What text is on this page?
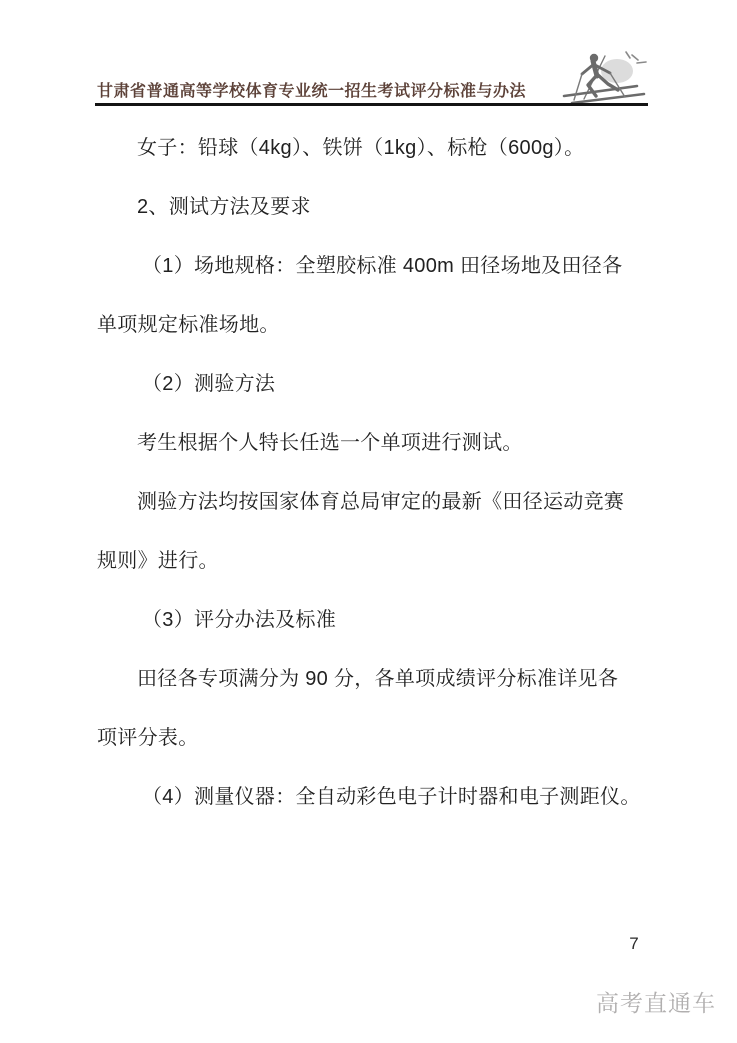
甘肃省普通高等学校体育专业统一招生考试评分标准与办法
女子：铅球（4kg）、铁饼（1kg）、标枪（600g）。
2、测试方法及要求
（1）场地规格：全塑胶标准 400m 田径场地及田径各
单项规定标准场地。
（2）测验方法
考生根据个人特长任选一个单项进行测试。
测验方法均按国家体育总局审定的最新《田径运动竞赛
规则》进行。
（3）评分办法及标准
田径各专项满分为 90 分，各单项成绩评分标准详见各
项评分表。
（4）测量仪器：全自动彩色电子计时器和电子测距仪。
7
高考直通车
